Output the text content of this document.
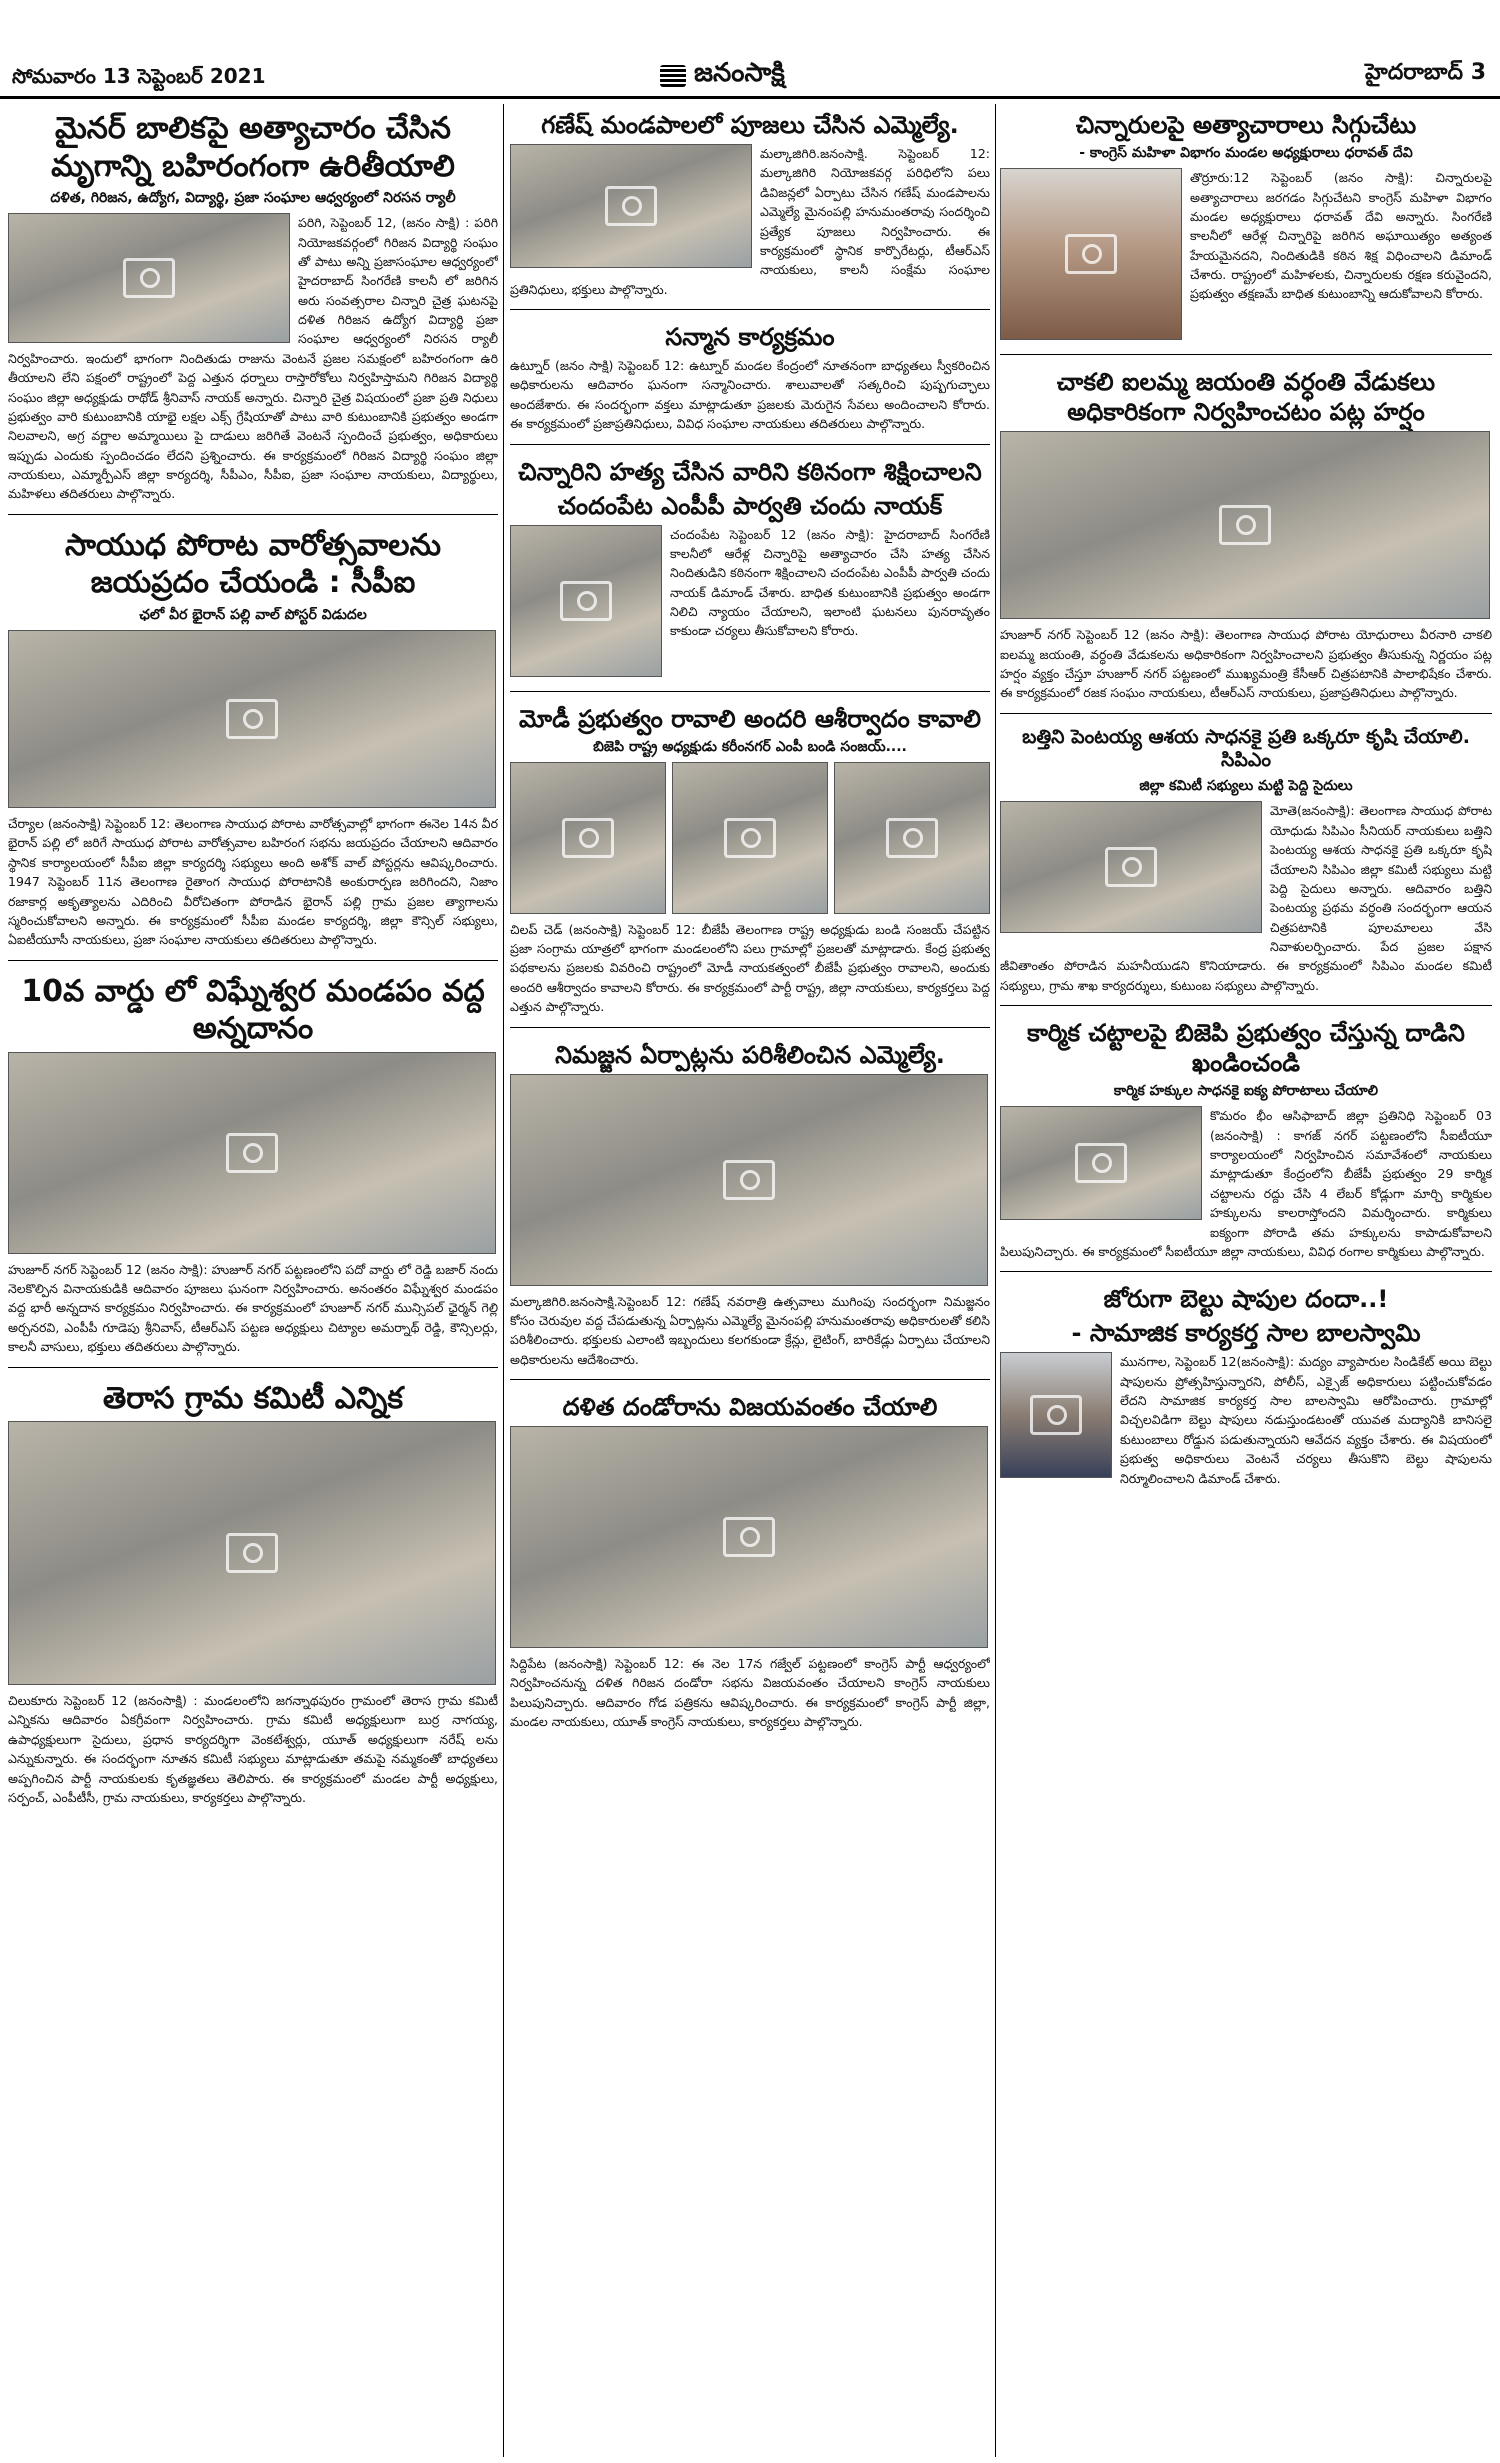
సోమవారం 13 సెప్టెంబర్ 2021	జనంసాక్షి	హైదరాబాద్ 3
మైనర్ బాలికపై అత్యాచారం చేసిన మృగాన్ని బహిరంగంగా ఉరితీయాలి
దళిత, గిరిజన, ఉద్యోగ, విద్యార్థి, ప్రజా సంఘాల ఆధ్వర్యంలో నిరసన ర్యాలీ

పరిగి, సెప్టెంబర్ 12, (జనం సాక్షి) : పరిగి నియోజకవర్గంలో గిరిజన విద్యార్థి సంఘం తో పాటు అన్ని ప్రజాసంఘాల ఆధ్వర్యంలో హైదరాబాద్ సింగరేణి కాలనీ లో జరిగిన అరు సంవత్సరాల చిన్నారి చైత్ర ఘటనపై దళిత గిరిజన ఉద్యోగ విద్యార్థి ప్రజా సంఘాల ఆధ్వర్యంలో నిరసన ర్యాలీ నిర్వహించారు. ఇందులో భాగంగా నిందితుడు రాజును వెంటనే ప్రజల సమక్షంలో బహిరంగంగా ఉరి తీయాలని లేని పక్షంలో రాష్ట్రంలో పెద్ద ఎత్తున ధర్నాలు రాస్తారోకోలు నిర్వహిస్తామని గిరిజన విద్యార్థి సంఘం జిల్లా అధ్యక్షుడు రాథోడ్ శ్రీనివాస్ నాయక్ అన్నారు. చిన్నారి చైత్ర విషయంలో ప్రజా ప్రతి నిధులు ప్రభుత్వం వారి కుటుంబానికి యాభై లక్షల ఎక్స్ గ్రేషియాతో పాటు వారి కుటుంబానికి ప్రభుత్వం అండగా నిలవాలని, అగ్ర వర్ణాల అమ్మాయిలు పై దాడులు జరిగితే వెంటనే స్పందించే ప్రభుత్వం, అధికారులు ఇప్పుడు ఎందుకు స్పందించడం లేదని ప్రశ్నించారు. ఈ కార్యక్రమంలో గిరిజన విద్యార్థి సంఘం జిల్లా నాయకులు, ఎమ్మార్పీఎస్ జిల్లా కార్యదర్శి, సీపీఎం, సీపీఐ, ప్రజా సంఘాల నాయకులు, విద్యార్థులు, మహిళలు తదితరులు పాల్గొన్నారు.

సాయుధ పోరాట వారోత్సవాలను జయప్రదం చేయండి : సీపీఐ
ఛలో వీర భైరాన్ పల్లి వాల్ పోస్టర్ విడుదల

చేర్యాల (జనంసాక్షి) సెప్టెంబర్ 12: తెలంగాణ సాయుధ పోరాట వారోత్సవాల్లో భాగంగా ఈనెల 14న వీర భైరాన్ పల్లి లో జరిగే సాయుధ పోరాట వారోత్సవాల బహిరంగ సభను జయప్రదం చేయాలని ఆదివారం స్థానిక కార్యాలయంలో సీపీఐ జిల్లా కార్యదర్శి సభ్యులు అంది అశోక్ వాల్ పోస్టర్లను ఆవిష్కరించారు. 1947 సెప్టెంబర్ 11న తెలంగాణ రైతాంగ సాయుధ పోరాటానికి అంకురార్పణ జరిగిందని, నిజాం రజాకార్ల అకృత్యాలను ఎదిరించి వీరోచితంగా పోరాడిన భైరాన్ పల్లి గ్రామ ప్రజల త్యాగాలను స్మరించుకోవాలని అన్నారు. ఈ కార్యక్రమంలో సీపీఐ మండల కార్యదర్శి, జిల్లా కౌన్సిల్ సభ్యులు, ఏఐటీయూసీ నాయకులు, ప్రజా సంఘాల నాయకులు తదితరులు పాల్గొన్నారు.

10వ వార్డు లో విఘ్నేశ్వర మండపం వద్ద అన్నదానం

హుజూర్ నగర్ సెప్టెంబర్ 12 (జనం సాక్షి): హుజూర్ నగర్ పట్టణంలోని పదో వార్డు లో రెడ్డి బజార్ నందు నెలకొల్పిన వినాయకుడికి ఆదివారం పూజలు ఘనంగా నిర్వహించారు. అనంతరం విఘ్నేశ్వర మండపం వద్ద భారీ అన్నదాన కార్యక్రమం నిర్వహించారు. ఈ కార్యక్రమంలో హుజూర్ నగర్ మున్సిపల్ ఛైర్మన్ గెల్లి అర్చనరవి, ఎంపీపీ గూడెపు శ్రీనివాస్, టీఆర్ఎస్ పట్టణ అధ్యక్షులు చిట్యాల అమర్నాథ్ రెడ్డి, కౌన్సిలర్లు, కాలనీ వాసులు, భక్తులు తదితరులు పాల్గొన్నారు.

తెరాస గ్రామ కమిటీ ఎన్నిక

చిలుకూరు సెప్టెంబర్ 12 (జనంసాక్షి) : మండలంలోని జగన్నాథపురం గ్రామంలో తెరాస గ్రామ కమిటీ ఎన్నికను ఆదివారం ఏకగ్రీవంగా నిర్వహించారు. గ్రామ కమిటీ అధ్యక్షులుగా బుర్ర నాగయ్య, ఉపాధ్యక్షులుగా సైదులు, ప్రధాన కార్యదర్శిగా వెంకటేశ్వర్లు, యూత్ అధ్యక్షులుగా నరేష్ లను ఎన్నుకున్నారు. ఈ సందర్భంగా నూతన కమిటీ సభ్యులు మాట్లాడుతూ తమపై నమ్మకంతో బాధ్యతలు అప్పగించిన పార్టీ నాయకులకు కృతజ్ఞతలు తెలిపారు. ఈ కార్యక్రమంలో మండల పార్టీ అధ్యక్షులు, సర్పంచ్, ఎంపీటీసీ, గ్రామ నాయకులు, కార్యకర్తలు పాల్గొన్నారు.

గణేష్ మండపాలలో పూజలు చేసిన ఎమ్మెల్యే.

మల్కాజిగిరి.జనంసాక్షి. సెప్టెంబర్ 12: మల్కాజిగిరి నియోజకవర్గ పరిధిలోని పలు డివిజన్లలో ఏర్పాటు చేసిన గణేష్ మండపాలను ఎమ్మెల్యే మైనంపల్లి హనుమంతరావు సందర్శించి ప్రత్యేక పూజలు నిర్వహించారు. ఈ కార్యక్రమంలో స్థానిక కార్పొరేటర్లు, టీఆర్ఎస్ నాయకులు, కాలనీ సంక్షేమ సంఘాల ప్రతినిధులు, భక్తులు పాల్గొన్నారు.

సన్మాన కార్యక్రమం

ఉట్నూర్ (జనం సాక్షి) సెప్టెంబర్ 12: ఉట్నూర్ మండల కేంద్రంలో నూతనంగా బాధ్యతలు స్వీకరించిన అధికారులను ఆదివారం ఘనంగా సన్మానించారు. శాలువాలతో సత్కరించి పుష్పగుచ్ఛాలు అందజేశారు. ఈ సందర్భంగా వక్తలు మాట్లాడుతూ ప్రజలకు మెరుగైన సేవలు అందించాలని కోరారు. ఈ కార్యక్రమంలో ప్రజాప్రతినిధులు, వివిధ సంఘాల నాయకులు తదితరులు పాల్గొన్నారు.

చిన్నారిని హత్య చేసిన వారిని కఠినంగా శిక్షించాలని
చందంపేట ఎంపీపీ పార్వతి చందు నాయక్

చందంపేట సెప్టెంబర్ 12 (జనం సాక్షి): హైదరాబాద్ సింగరేణి కాలనీలో ఆరేళ్ల చిన్నారిపై అత్యాచారం చేసి హత్య చేసిన నిందితుడిని కఠినంగా శిక్షించాలని చందంపేట ఎంపీపీ పార్వతి చందు నాయక్ డిమాండ్ చేశారు. బాధిత కుటుంబానికి ప్రభుత్వం అండగా నిలిచి న్యాయం చేయాలని, ఇలాంటి ఘటనలు పునరావృతం కాకుండా చర్యలు తీసుకోవాలని కోరారు.

మోడీ ప్రభుత్వం రావాలి అందరి ఆశీర్వాదం కావాలి
బిజెపి రాష్ట్ర అధ్యక్షుడు కరీంనగర్ ఎంపీ బండి సంజయ్....

చిలప్ చెడ్ (జనంసాక్షి) సెప్టెంబర్ 12: బీజేపీ తెలంగాణ రాష్ట్ర అధ్యక్షుడు బండి సంజయ్ చేపట్టిన ప్రజా సంగ్రామ యాత్రలో భాగంగా మండలంలోని పలు గ్రామాల్లో ప్రజలతో మాట్లాడారు. కేంద్ర ప్రభుత్వ పథకాలను ప్రజలకు వివరించి రాష్ట్రంలో మోడీ నాయకత్వంలో బీజేపీ ప్రభుత్వం రావాలని, అందుకు అందరి ఆశీర్వాదం కావాలని కోరారు. ఈ కార్యక్రమంలో పార్టీ రాష్ట్ర, జిల్లా నాయకులు, కార్యకర్తలు పెద్ద ఎత్తున పాల్గొన్నారు.

నిమజ్జన ఏర్పాట్లను పరిశీలించిన ఎమ్మెల్యే.

మల్కాజిగిరి.జనంసాక్షి.సెప్టెంబర్ 12: గణేష్ నవరాత్రి ఉత్సవాలు ముగింపు సందర్భంగా నిమజ్జనం కోసం చెరువుల వద్ద చేపడుతున్న ఏర్పాట్లను ఎమ్మెల్యే మైనంపల్లి హనుమంతరావు అధికారులతో కలిసి పరిశీలించారు. భక్తులకు ఎలాంటి ఇబ్బందులు కలగకుండా క్రేన్లు, లైటింగ్, బారికేడ్లు ఏర్పాటు చేయాలని అధికారులను ఆదేశించారు.

దళిత దండోరాను విజయవంతం చేయాలి

సిద్దిపేట (జనంసాక్షి) సెప్టెంబర్ 12: ఈ నెల 17న గజ్వేల్ పట్టణంలో కాంగ్రెస్ పార్టీ ఆధ్వర్యంలో నిర్వహించనున్న దళిత గిరిజన దండోరా సభను విజయవంతం చేయాలని కాంగ్రెస్ నాయకులు పిలుపునిచ్చారు. ఆదివారం గోడ పత్రికను ఆవిష్కరించారు. ఈ కార్యక్రమంలో కాంగ్రెస్ పార్టీ జిల్లా, మండల నాయకులు, యూత్ కాంగ్రెస్ నాయకులు, కార్యకర్తలు పాల్గొన్నారు.

చిన్నారులపై అత్యాచారాలు సిగ్గుచేటు
- కాంగ్రెస్ మహిళా విభాగం మండల అధ్యక్షురాలు ధరావత్ దేవి

తొర్రూరు:12 సెప్టెంబర్ (జనం సాక్షి): చిన్నారులపై అత్యాచారాలు జరగడం సిగ్గుచేటని కాంగ్రెస్ మహిళా విభాగం మండల అధ్యక్షురాలు ధరావత్ దేవి అన్నారు. సింగరేణి కాలనీలో ఆరేళ్ల చిన్నారిపై జరిగిన అఘాయిత్యం అత్యంత హేయమైనదని, నిందితుడికి కఠిన శిక్ష విధించాలని డిమాండ్ చేశారు. రాష్ట్రంలో మహిళలకు, చిన్నారులకు రక్షణ కరువైందని, ప్రభుత్వం తక్షణమే బాధిత కుటుంబాన్ని ఆదుకోవాలని కోరారు.

చాకలి ఐలమ్మ జయంతి వర్ధంతి వేడుకలు అధికారికంగా నిర్వహించటం పట్ల హర్షం

హుజూర్ నగర్ సెప్టెంబర్ 12 (జనం సాక్షి): తెలంగాణ సాయుధ పోరాట యోధురాలు వీరనారి చాకలి ఐలమ్మ జయంతి, వర్ధంతి వేడుకలను అధికారికంగా నిర్వహించాలని ప్రభుత్వం తీసుకున్న నిర్ణయం పట్ల హర్షం వ్యక్తం చేస్తూ హుజూర్ నగర్ పట్టణంలో ముఖ్యమంత్రి కేసీఆర్ చిత్రపటానికి పాలాభిషేకం చేశారు. ఈ కార్యక్రమంలో రజక సంఘం నాయకులు, టీఆర్ఎస్ నాయకులు, ప్రజాప్రతినిధులు పాల్గొన్నారు.

బత్తిని పెంటయ్య ఆశయ సాధనకై ప్రతి ఒక్కరూ కృషి చేయాలి. సిపిఎం
జిల్లా కమిటీ సభ్యులు మట్టి పెద్ది సైదులు

మోతె(జనంసాక్షి): తెలంగాణ సాయుధ పోరాట యోధుడు సిపిఎం సీనియర్ నాయకులు బత్తిని పెంటయ్య ఆశయ సాధనకై ప్రతి ఒక్కరూ కృషి చేయాలని సిపిఎం జిల్లా కమిటీ సభ్యులు మట్టి పెద్ది సైదులు అన్నారు. ఆదివారం బత్తిని పెంటయ్య ప్రథమ వర్ధంతి సందర్భంగా ఆయన చిత్రపటానికి పూలమాలలు వేసి నివాళులర్పించారు. పేద ప్రజల పక్షాన జీవితాంతం పోరాడిన మహనీయుడని కొనియాడారు. ఈ కార్యక్రమంలో సిపిఎం మండల కమిటీ సభ్యులు, గ్రామ శాఖ కార్యదర్శులు, కుటుంబ సభ్యులు పాల్గొన్నారు.

కార్మిక చట్టాలపై బిజెపి ప్రభుత్వం చేస్తున్న దాడిని ఖండించండి
కార్మిక హక్కుల సాధనకై ఐక్య పోరాటాలు చేయాలి

కొమరం భీం ఆసిఫాబాద్ జిల్లా ప్రతినిధి సెప్టెంబర్ 03 (జనంసాక్షి) : కాగజ్ నగర్ పట్టణంలోని సీఐటీయూ కార్యాలయంలో నిర్వహించిన సమావేశంలో నాయకులు మాట్లాడుతూ కేంద్రంలోని బీజేపీ ప్రభుత్వం 29 కార్మిక చట్టాలను రద్దు చేసి 4 లేబర్ కోడ్లుగా మార్చి కార్మికుల హక్కులను కాలరాస్తోందని విమర్శించారు. కార్మికులు ఐక్యంగా పోరాడి తమ హక్కులను కాపాడుకోవాలని పిలుపునిచ్చారు. ఈ కార్యక్రమంలో సీఐటీయూ జిల్లా నాయకులు, వివిధ రంగాల కార్మికులు పాల్గొన్నారు.

జోరుగా బెల్టు షాపుల దందా..!
- సామాజిక కార్యకర్త సాల బాలస్వామి

మునగాల, సెప్టెంబర్ 12(జనంసాక్షి): మద్యం వ్యాపారుల సిండికేట్ అయి బెల్టు షాపులను ప్రోత్సహిస్తున్నారని, పోలీస్, ఎక్సైజ్ అధికారులు పట్టించుకోవడం లేదని సామాజిక కార్యకర్త సాల బాలస్వామి ఆరోపించారు. గ్రామాల్లో విచ్చలవిడిగా బెల్టు షాపులు నడుస్తుండటంతో యువత మద్యానికి బానిసలై కుటుంబాలు రోడ్డున పడుతున్నాయని ఆవేదన వ్యక్తం చేశారు. ఈ విషయంలో ప్రభుత్వ అధికారులు వెంటనే చర్యలు తీసుకొని బెల్టు షాపులను నిర్మూలించాలని డిమాండ్ చేశారు.
